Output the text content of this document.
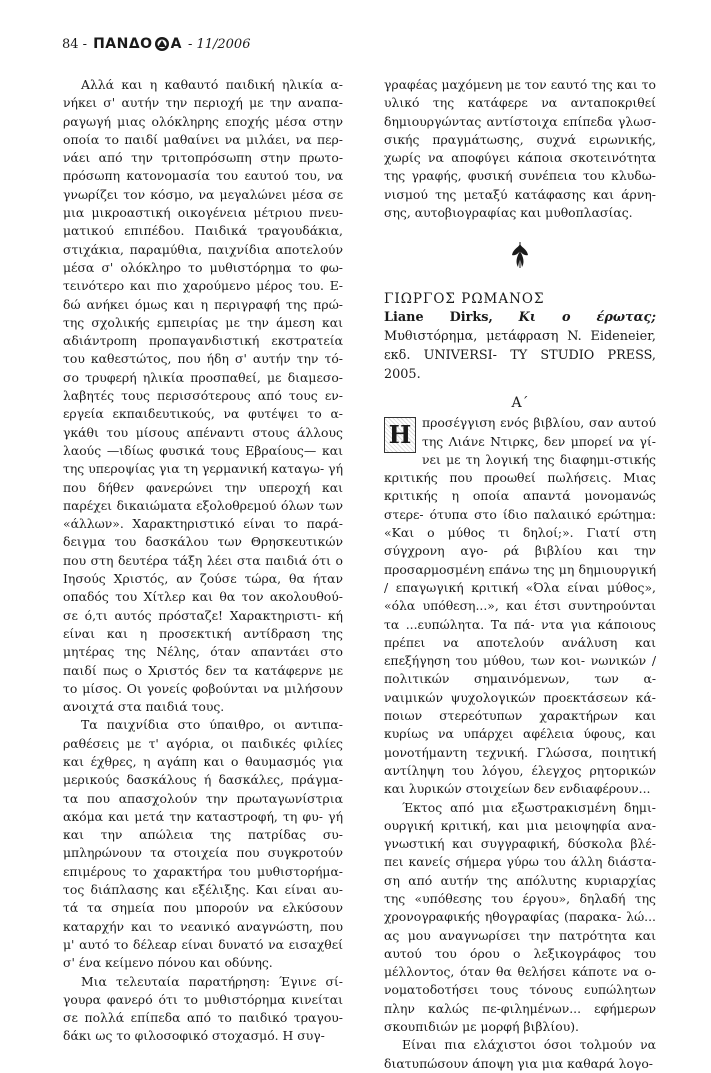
84 - ΠΑΝΔΟ Α - 11/2006

Αλλά και η καθαυτό παιδική ηλικία α- νήκει σ' αυτήν την περιοχή με την αναπα- ραγωγή μιας ολόκληρης εποχής μέσα στην οποία το παιδί μαθαίνει να μιλάει, να περ- νάει από την τριτοπρόσωπη στην πρωτο- πρόσωπη κατονομασία του εαυτού του, να γνωρίζει τον κόσμο, να μεγαλώνει μέσα σε μια μικροαστική οικογένεια μέτριου πνευ- ματικού επιπέδου. Παιδικά τραγουδάκια, στιχάκια, παραμύθια, παιχνίδια αποτελούν μέσα σ' ολόκληρο το μυθιστόρημα το φω- τεινότερο και πιο χαρούμενο μέρος του. Ε- δώ ανήκει όμως και η περιγραφή της πρώ- της σχολικής εμπειρίας με την άμεση και αδιάντροπη προπαγανδιστική εκστρατεία του καθεστώτος, που ήδη σ' αυτήν την τό- σο τρυφερή ηλικία προσπαθεί, με διαμεσο- λαβητές τους περισσότερους από τους εν- εργεία εκπαιδευτικούς, να φυτέψει το α- γκάθι του μίσους απέναντι στους άλλους λαούς —ιδίως φυσικά τους Εβραίους— και της υπεροψίας για τη γερμανική καταγω- γή που δήθεν φανερώνει την υπεροχή και παρέχει δικαιώματα εξολοθρεμού όλων των «άλλων». Χαρακτηριστικό είναι το παρά- δειγμα του δασκάλου των Θρησκευτικών που στη δευτέρα τάξη λέει στα παιδιά ότι ο Ιησούς Χριστός, αν ζούσε τώρα, θα ήταν οπαδός του Χίτλερ και θα τον ακολουθού- σε ό,τι αυτός πρόσταζε! Χαρακτηριστι- κή είναι και η προσεκτική αντίδραση της μητέρας της Νέλης, όταν απαντάει στο παιδί πως ο Χριστός δεν τα κατάφερνε με το μίσος. Οι γονείς φοβούνται να μιλήσουν ανοιχτά στα παιδιά τους.

Τα παιχνίδια στο ύπαιθρο, οι αντιπα- ραθέσεις με τ' αγόρια, οι παιδικές φιλίες και έχθρες, η αγάπη και ο θαυμασμός για μερικούς δασκάλους ή δασκάλες, πράγμα- τα που απασχολούν την πρωταγωνίστρια ακόμα και μετά την καταστροφή, τη φυ- γή και την απώλεια της πατρίδας συ- μπληρώνουν τα στοιχεία που συγκροτούν επιμέρους το χαρακτήρα του μυθιστορήμα- τος διάπλασης και εξέλιξης. Και είναι αυ- τά τα σημεία που μπορούν να ελκύσουν καταρχήν και το νεανικό αναγνώστη, που μ' αυτό το δέλεαρ είναι δυνατό να εισαχθεί σ' ένα κείμενο πόνου και οδύνης.

Μια τελευταία παρατήρηση: Έγινε σί- γουρα φανερό ότι το μυθιστόρημα κινείται σε πολλά επίπεδα από το παιδικό τραγου- δάκι ως το φιλοσοφικό στοχασμό. Η συγ-

γραφέας μαχόμενη με τον εαυτό της και το υλικό της κατάφερε να ανταποκριθεί δημιουργώντας αντίστοιχα επίπεδα γλωσ- σικής πραγμάτωσης, συχνά ειρωνικής, χωρίς να αποφύγει κάποια σκοτεινότητα της γραφής, φυσική συνέπεια του κλυδω- νισμού της μεταξύ κατάφασης και άρνη- σης, αυτοβιογραφίας και μυθοπλασίας.

ΓΙΩΡΓΟΣ ΡΩΜΑΝΟΣ

Liane Dirks, Κι ο έρωτας; Μυθιστόρημα, μετάφραση N. Eideneier, εκδ. UNIVERSI- TY STUDIO PRESS, 2005.

Α΄
Η προσέγγιση ενός βιβλίου, σαν αυτού της Λιάνε Ντιρκς, δεν μπορεί να γί- νει με τη λογική της διαφημι-στικής κριτικής που προωθεί πωλήσεις. Μιας κριτικής η οποία απαντά μονομανώς στερε- ότυπα στο ίδιο παλαιικό ερώτημα: «Και ο μύθος τι δηλοί;». Γιατί στη σύγχρονη αγο- ρά βιβλίου και την προσαρμοσμένη επάνω της μη δημιουργική / επαγωγική κριτική «Όλα είναι μύθος», «όλα υπόθεση...», και έτσι συντηρούνται τα ...ευπώλητα. Τα πά- ντα για κάποιους πρέπει να αποτελούν ανάλυση και επεξήγηση του μύθου, των κοι- νωνικών / πολιτικών σημαινόμενων, των α- ναιμικών ψυχολογικών προεκτάσεων κά- ποιων στερεότυπων χαρακτήρων και κυρίως να υπάρχει αφέλεια ύφους, και μονοτήμαντη τεχνική. Γλώσσα, ποιητική αντίληψη του λόγου, έλεγχος ρητορικών και λυρικών στοιχείων δεν ενδιαφέρουν...

Έκτος από μια εξωστρακισμένη δημι- ουργική κριτική, και μια μειοψηφία ανα- γνωστική και συγγραφική, δύσκολα βλέ- πει κανείς σήμερα γύρω του άλλη διάστα- ση από αυτήν της απόλυτης κυριαρχίας της «υπόθεσης του έργου», δηλαδή της χρονογραφικής ηθογραφίας (παρακα- λώ... ας μου αναγνωρίσει την πατρότητα και αυτού του όρου ο λεξικογράφος του μέλλοντος, όταν θα θελήσει κάποτε να ο- νοματοδοτήσει τους τόνους ευπώλητων πλην καλώς πε-φιλημένων... εφήμερων σκουπιδιών με μορφή βιβλίου).

Είναι πια ελάχιστοι όσοι τολμούν να διατυπώσουν άποψη για μια καθαρά λογο-
